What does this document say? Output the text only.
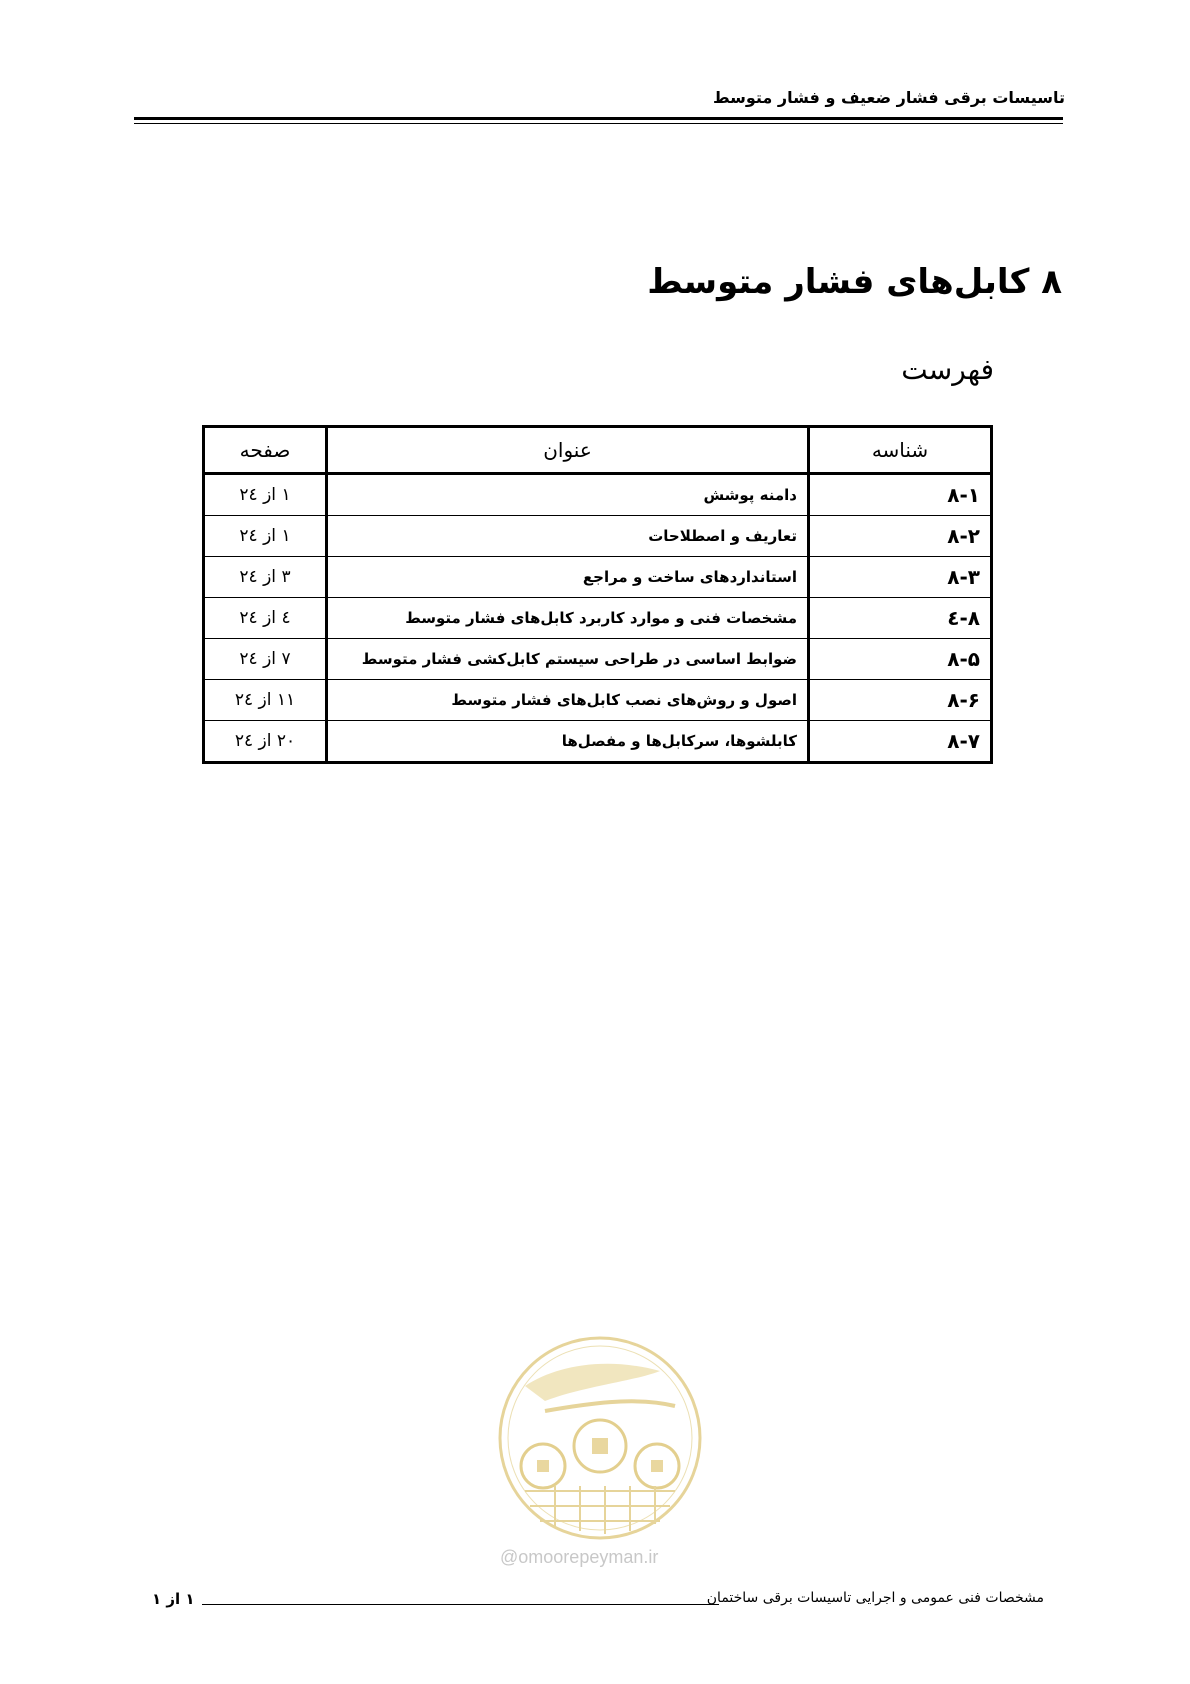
تاسیسات برقی فشار ضعیف و فشار متوسط
۸ کابل‌های فشار متوسط
فهرست
شناسه	عنوان	صفحه
۸-۱	دامنه پوشش	۱ از ۲٤
۸-۲	تعاریف و اصطلاحات	۱ از ۲٤
۸-۳	استانداردهای ساخت و مراجع	۳ از ۲٤
۸-٤	مشخصات فنی و موارد کاربرد کابل‌های فشار متوسط	٤ از ۲٤
۸-۵	ضوابط اساسی در طراحی سیستم کابل‌کشی فشار متوسط	۷ از ۲٤
۸-۶	اصول و روش‌های نصب کابل‌های فشار متوسط	۱۱ از ۲٤
۸-۷	کابلشوها، سرکابل‌ها و مفصل‌ها	۲۰ از ۲٤
@omoorepeyman.ir
۱ از ۱	مشخصات فنی عمومی و اجرایی تاسیسات برقی ساختمان
